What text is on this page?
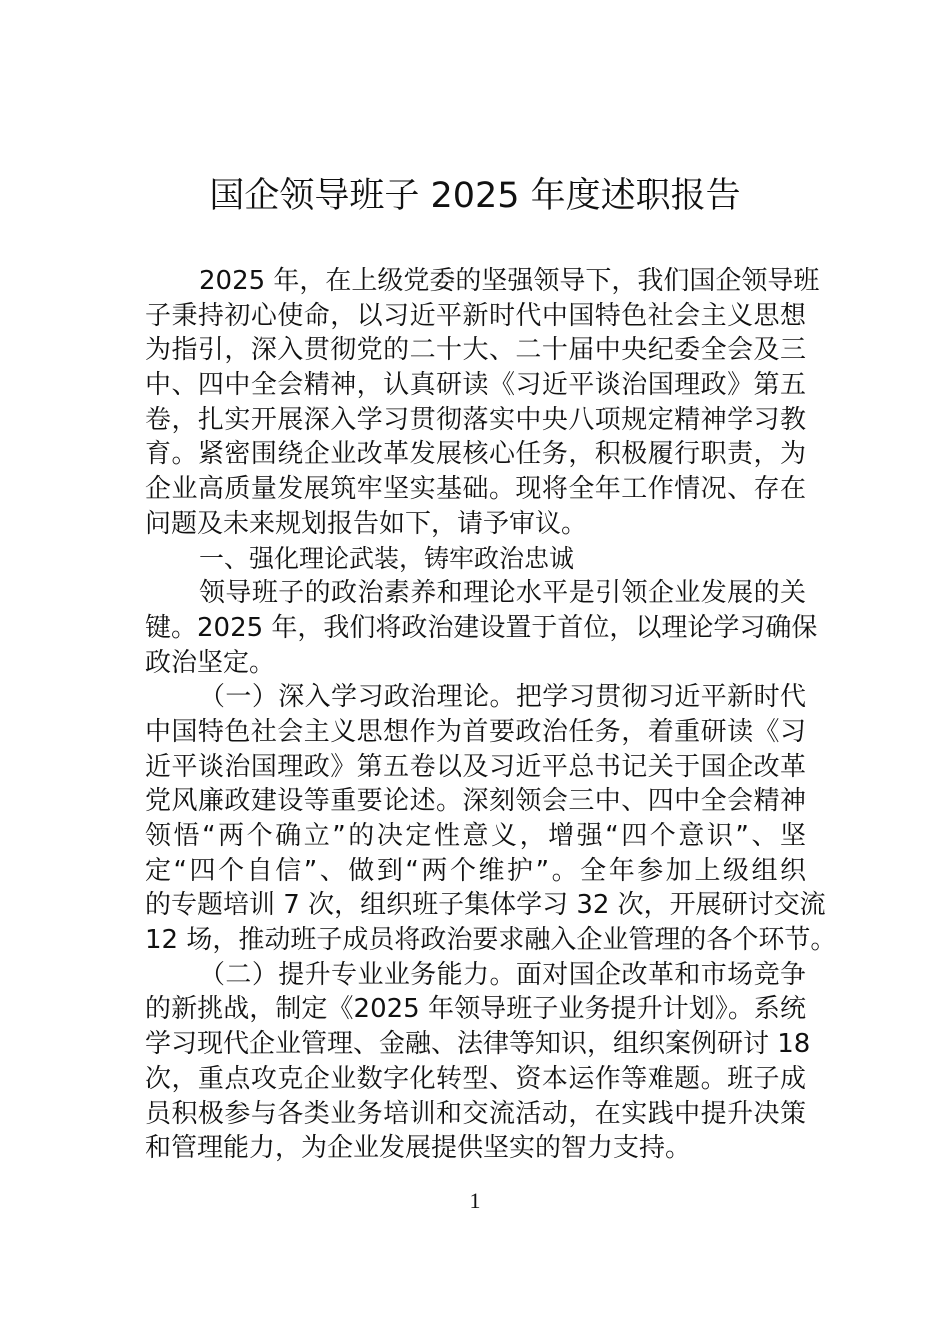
国企领导班子 2025 年度述职报告
2025 年，在上级党委的坚强领导下，我们国企领导班
子秉持初心使命，以习近平新时代中国特色社会主义思想
为指引，深入贯彻党的二十大、二十届中央纪委全会及三
中、四中全会精神，认真研读《习近平谈治国理政》第五
卷，扎实开展深入学习贯彻落实中央八项规定精神学习教
育。紧密围绕企业改革发展核心任务，积极履行职责，为
企业高质量发展筑牢坚实基础。现将全年工作情况、存在
问题及未来规划报告如下，请予审议。
一、强化理论武装，铸牢政治忠诚
领导班子的政治素养和理论水平是引领企业发展的关
键。2025 年，我们将政治建设置于首位，以理论学习确保
政治坚定。
（一）深入学习政治理论。把学习贯彻习近平新时代
中国特色社会主义思想作为首要政治任务，着重研读《习
近平谈治国理政》第五卷以及习近平总书记关于国企改革
党风廉政建设等重要论述。深刻领会三中、四中全会精神
领悟“两个确立”的决定性意义，增强“四个意识”、坚
定“四个自信”、做到“两个维护”。全年参加上级组织
的专题培训 7 次，组织班子集体学习 32 次，开展研讨交流
12 场，推动班子成员将政治要求融入企业管理的各个环节。
（二）提升专业业务能力。面对国企改革和市场竞争
的新挑战，制定《2025 年领导班子业务提升计划》。系统
学习现代企业管理、金融、法律等知识，组织案例研讨 18
次，重点攻克企业数字化转型、资本运作等难题。班子成
员积极参与各类业务培训和交流活动，在实践中提升决策
和管理能力，为企业发展提供坚实的智力支持。
1
